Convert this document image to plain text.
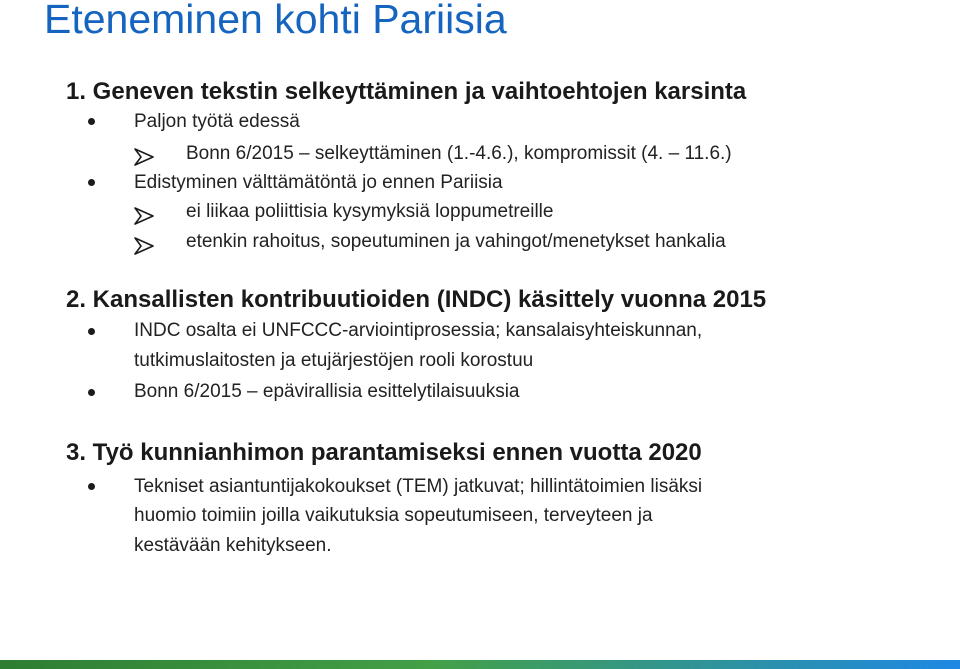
Eteneminen kohti Pariisia
1. Geneven tekstin selkeyttäminen ja vaihtoehtojen karsinta
Paljon työtä edessä
Bonn 6/2015 – selkeyttäminen (1.-4.6.), kompromissit (4. – 11.6.)
Edistyminen välttämätöntä jo ennen Pariisia
ei liikaa poliittisia kysymyksiä loppumetreille
etenkin rahoitus, sopeutuminen ja vahingot/menetykset hankalia
2. Kansallisten kontribuutioiden (INDC) käsittely vuonna 2015
INDC osalta ei UNFCCC-arviointiprosessia; kansalaisyhteiskunnan,
tutkimuslaitosten ja etujärjestöjen rooli korostuu
Bonn 6/2015 – epävirallisia esittelytilaisuuksia
3. Työ kunnianhimon parantamiseksi ennen vuotta 2020
Tekniset asiantuntijakokoukset (TEM) jatkuvat; hillintätoimien lisäksi
huomio toimiin joilla vaikutuksia sopeutumiseen, terveyteen ja
kestävään kehitykseen.
